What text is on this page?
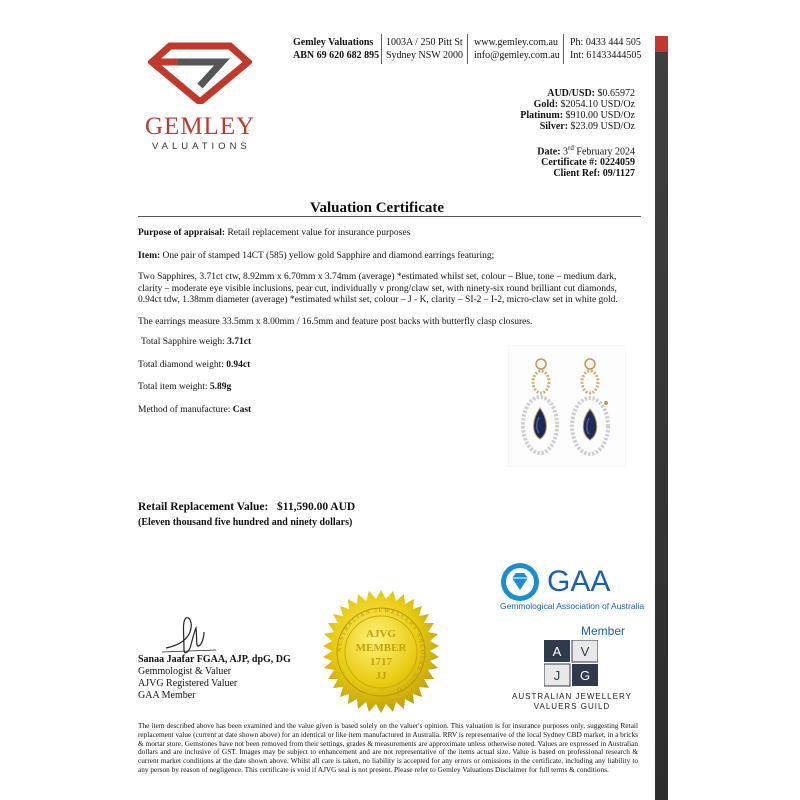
Gemley Valuations
ABN 69 620 682 895
1003A / 250 Pitt St
Sydney NSW 2000
www.gemley.com.au
info@gemley.com.au
Ph: 0433 444 505
Int: 61433444505
GEMLEY
VALUATIONS
AUD/USD: $0.65972
Gold: $2054.10 USD/Oz
Platinum: $910.00 USD/Oz
Silver: $23.09 USD/Oz
Date: 3rd February 2024
Certificate #: 0224059
Client Ref: 09/1127
Valuation Certificate
Purpose of appraisal: Retail replacement value for insurance purposes
Item: One pair of stamped 14CT (585) yellow gold Sapphire and diamond earrings featuring;
Two Sapphires, 3.71ct ctw, 8.92mm x 6.70mm x 3.74mm (average) *estimated whilst set, colour – Blue, tone – medium dark, clarity – moderate eye visible inclusions, pear cut, individually v prong/claw set, with ninety-six round brilliant cut diamonds, 0.94ct tdw, 1.38mm diameter (average) *estimated whilst set, colour – J - K, clarity – SI-2 – I-2, micro-claw set in white gold.
The earrings measure 33.5mm x 8.00mm / 16.5mm and feature post backs with butterfly clasp closures.
Total Sapphire weigh: 3.71ct
Total diamond weight: 0.94ct
Total item weight: 5.89g
Method of manufacture: Cast
Retail Replacement Value: $11,590.00 AUD
(Eleven thousand five hundred and ninety dollars)
Sanaa Jaafar FGAA, AJP, dpG, DG
Gemmologist & Valuer
AJVG Registered Valuer
GAA Member
AUSTRALIAN JEWELLERY VALUERS GUILD
AJVG
MEMBER
1717
JJ
GAA
Gemmological Association of Australia
Member
A V
J G
AUSTRALIAN JEWELLERY
VALUERS GUILD
The item described above has been examined and the value given is based solely on the valuer's opinion. This valuation is for insurance purposes only, suggesting Retail replacement value (current at date shown above) for an identical or like item manufactured in Australia. RRV is representative of the local Sydney CBD market, in a bricks & mortar store. Gemstones have not been removed from their settings, grades & measurements are approximate unless otherwise noted. Values are expressed in Australian dollars and are inclusive of GST. Images may be subject to enhancement and are not representative of the items actual size. Value is based on professional research & current market conditions at the date shown above. Whilst all care is taken, no liability is accepted for any errors or omissions in the certificate, including any liability to any person by reason of negligence. This certificate is void if AJVG seal is not present. Please refer to Gemley Valuations Disclaimer for full terms & conditions.
